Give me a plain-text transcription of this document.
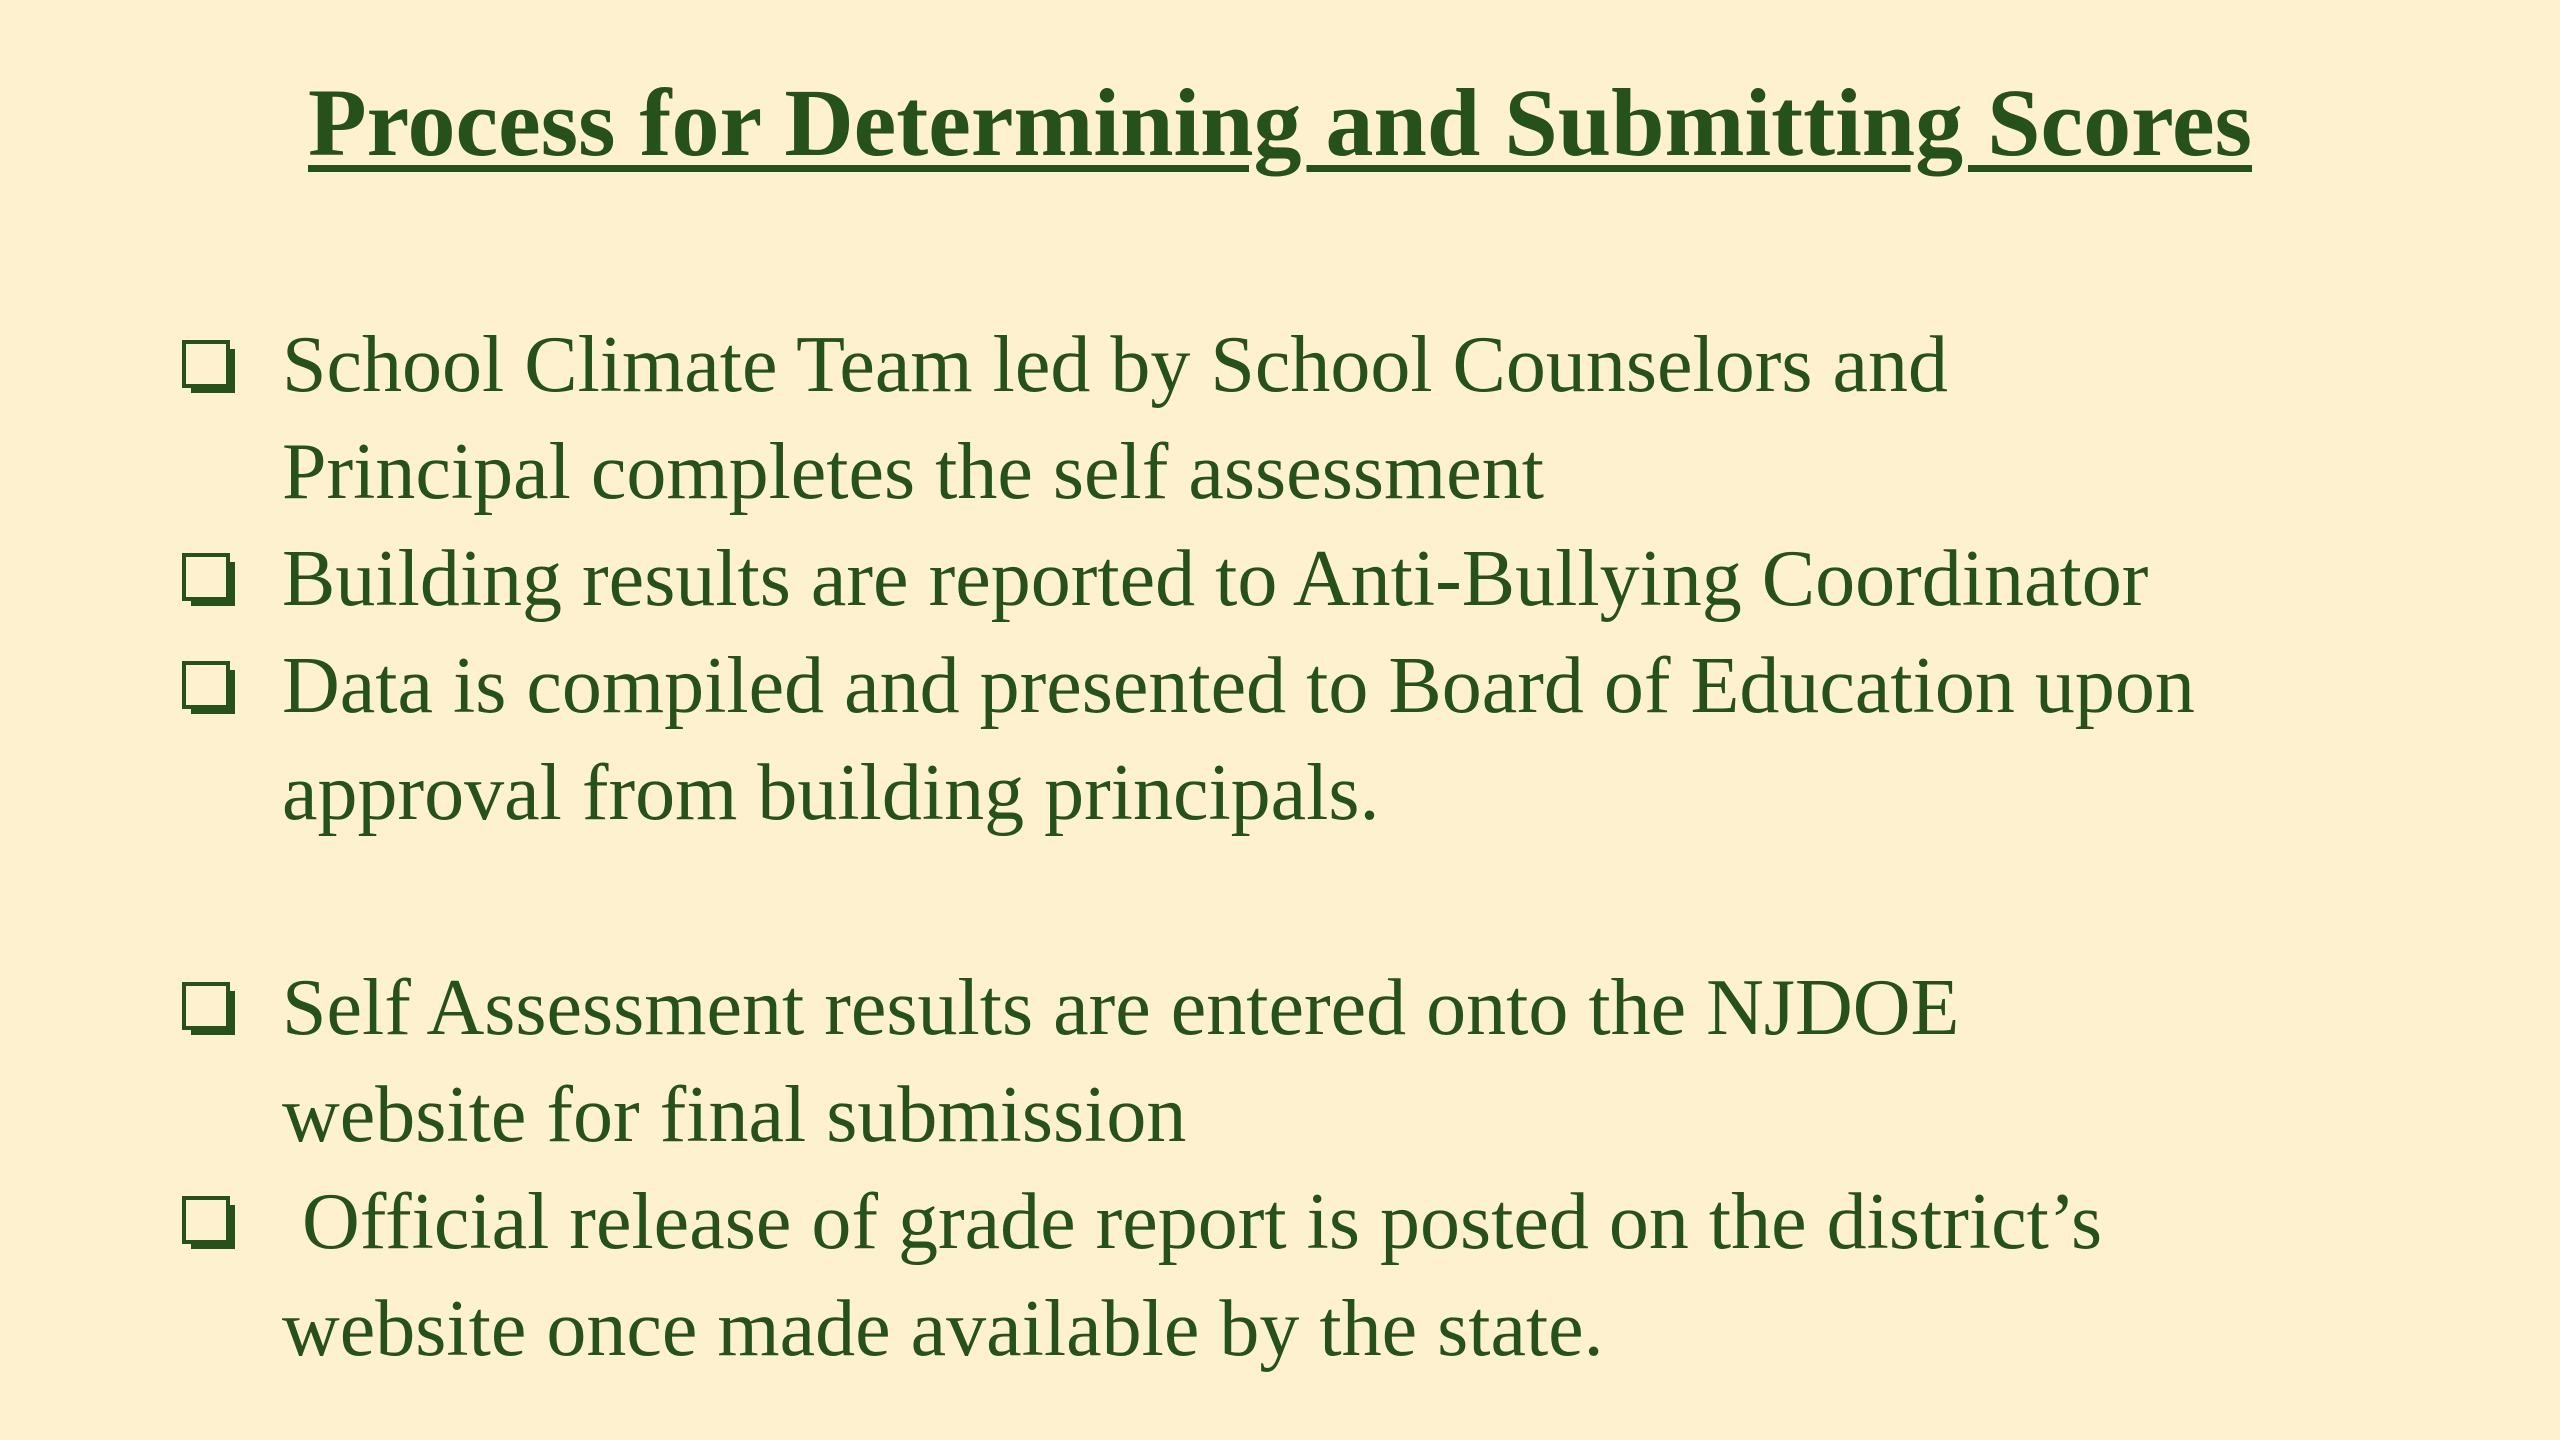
Process for Determining and Submitting Scores
School Climate Team led by School Counselors and
Principal completes the self assessment
Building results are reported to Anti-Bullying Coordinator
Data is compiled and presented to Board of Education upon
approval from building principals.
Self Assessment results are entered onto the NJDOE
website for final submission
Official release of grade report is posted on the district’s
website once made available by the state.
